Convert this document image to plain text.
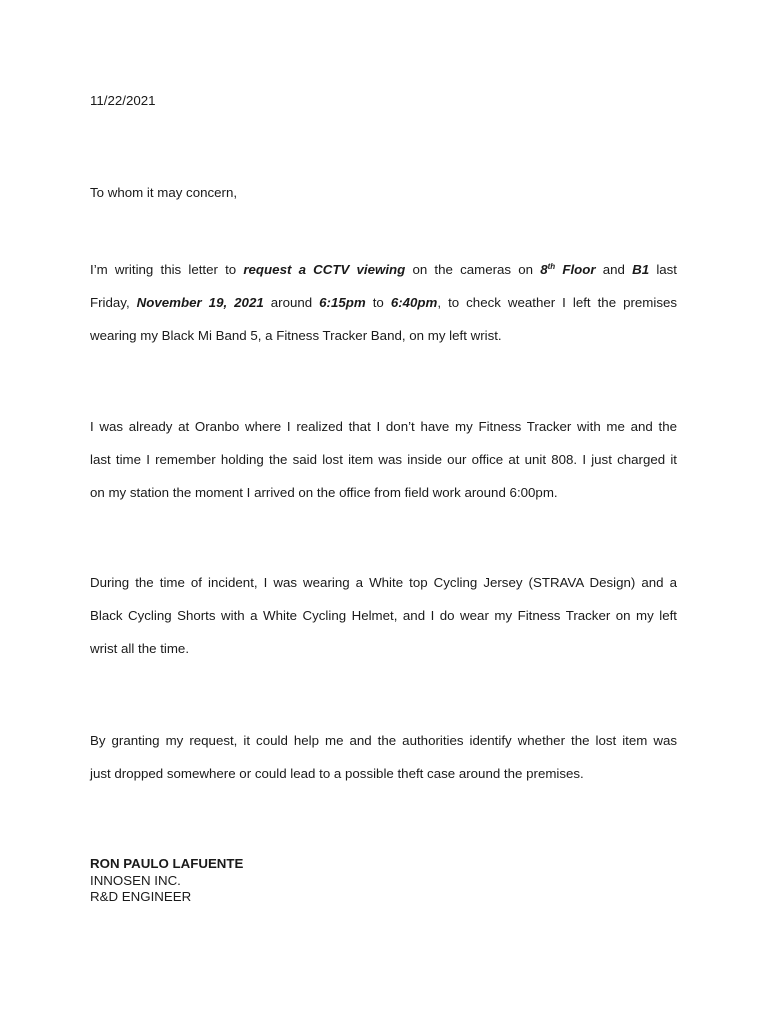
11/22/2021
To whom it may concern,
I’m writing this letter to request a CCTV viewing on the cameras on 8th Floor and B1 last
Friday, November 19, 2021 around 6:15pm to 6:40pm, to check weather I left the premises
wearing my Black Mi Band 5, a Fitness Tracker Band, on my left wrist.
I was already at Oranbo where I realized that I don’t have my Fitness Tracker with me and the
last time I remember holding the said lost item was inside our office at unit 808. I just charged it
on my station the moment I arrived on the office from field work around 6:00pm.
During the time of incident, I was wearing a White top Cycling Jersey (STRAVA Design) and a
Black Cycling Shorts with a White Cycling Helmet, and I do wear my Fitness Tracker on my left
wrist all the time.
By granting my request, it could help me and the authorities identify whether the lost item was
just dropped somewhere or could lead to a possible theft case around the premises.
RON PAULO LAFUENTE
INNOSEN INC.
R&D ENGINEER
